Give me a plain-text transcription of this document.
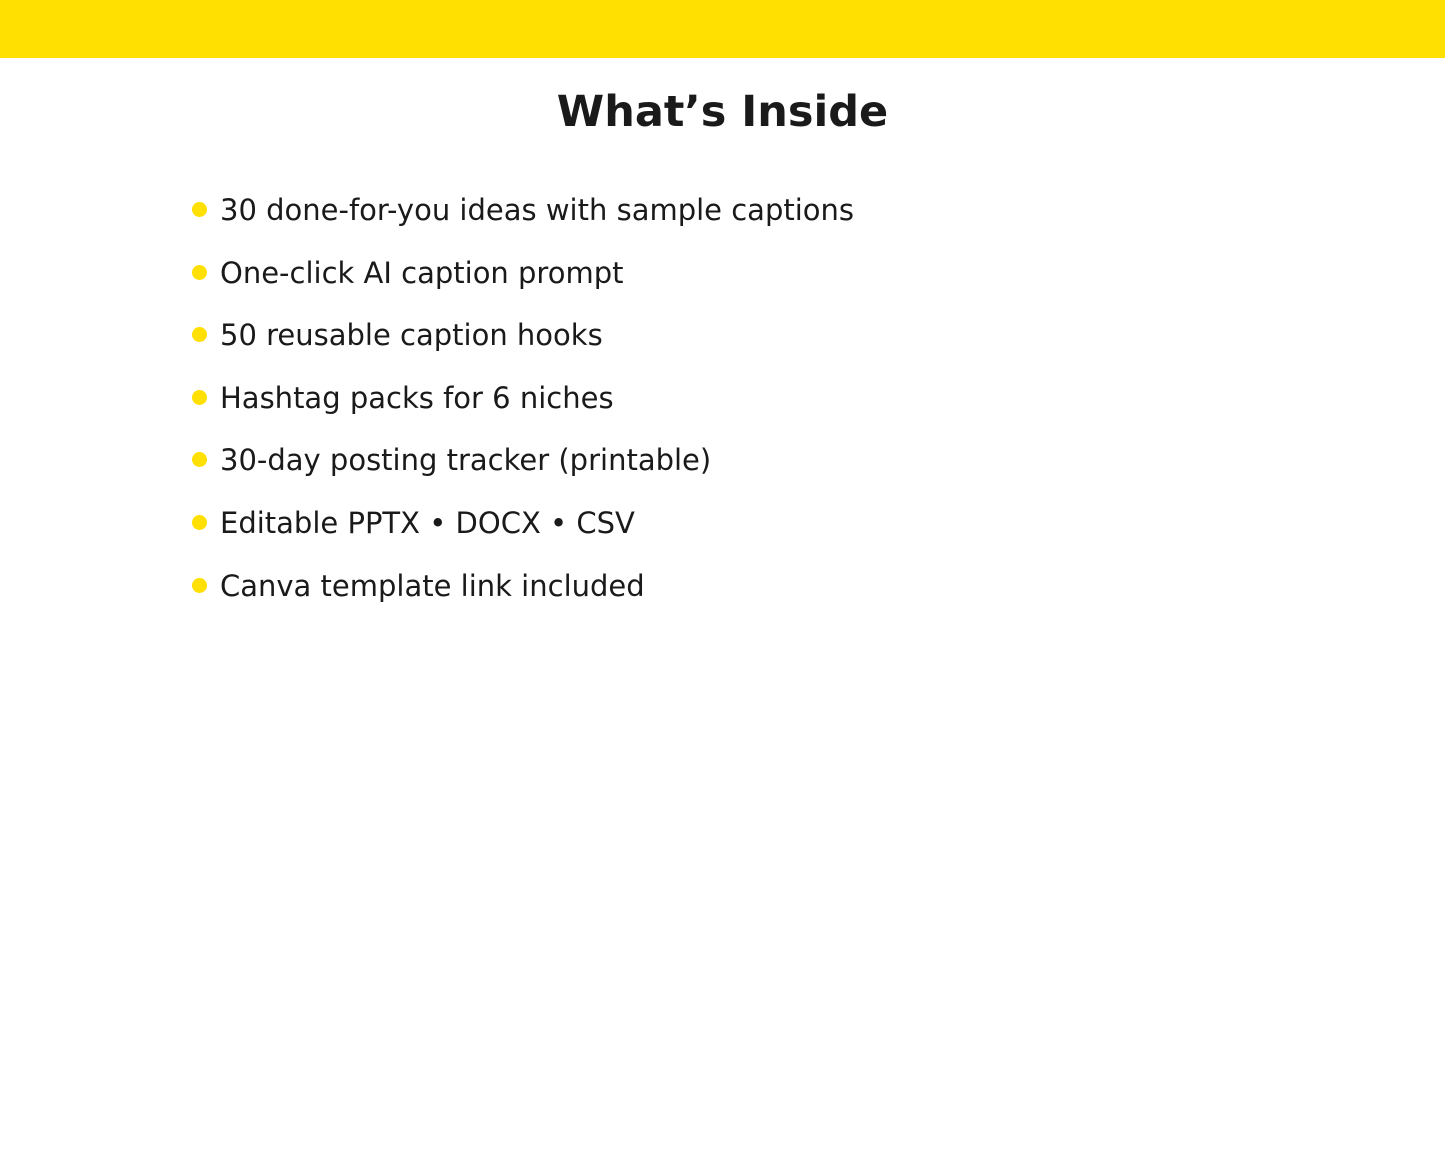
What’s Inside
30 done-for-you ideas with sample captions
One-click AI caption prompt
50 reusable caption hooks
Hashtag packs for 6 niches
30-day posting tracker (printable)
Editable PPTX • DOCX • CSV
Canva template link included
